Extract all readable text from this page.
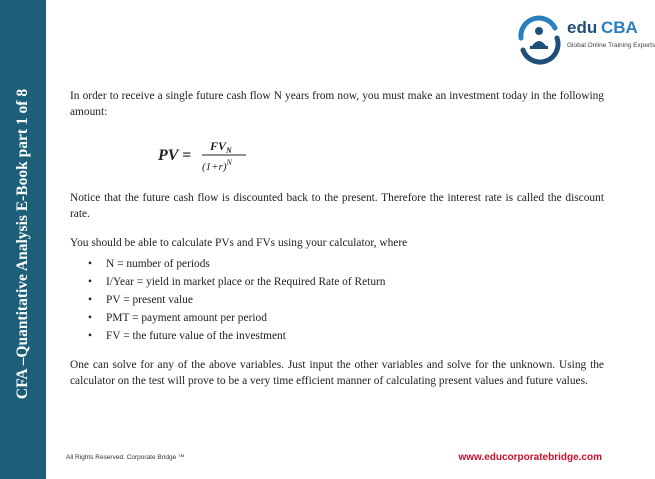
CFA –Quantitative Analysis E-Book part 1 of 8
edu CBA
Global Online Training Experts

In order to receive a single future cash flow N years from now, you must make an investment today in the following amount:

PV =
$FV_N$
$(1+r)^N$

Notice that the future cash flow is discounted back to the present. Therefore the interest rate is called the discount rate.

You should be able to calculate PVs and FVs using your calculator, where

• N = number of periods
• I/Year = yield in market place or the Required Rate of Return
• PV = present value
• PMT = payment amount per period
• FV = the future value of the investment

One can solve for any of the above variables. Just input the other variables and solve for the unknown. Using the calculator on the test will prove to be a very time efficient manner of calculating present values and future values.

All Rights Reserved. Corporate Bridge ™	www.educorporatebridge.com
